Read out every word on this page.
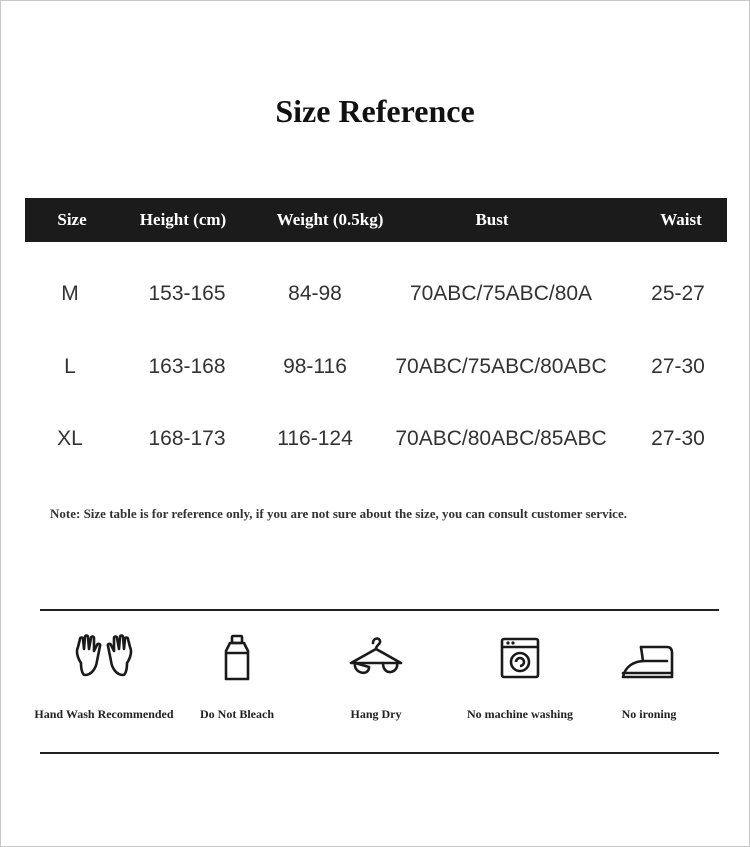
Size Reference
Size	Height (cm)	Weight (0.5kg)	Bust	Waist
M	153-165	84-98	70ABC/75ABC/80A	25-27
L	163-168	98-116 70ABC/75ABC/80ABC 27-30
XL	168-173 116-124 70ABC/80ABC/85ABC 27-30
Note: Size table is for reference only, if you are not sure about the size, you can consult customer service.
Hand Wash Recommended	Do Not Bleach	Hang Dry	No machine washing	No ironing
